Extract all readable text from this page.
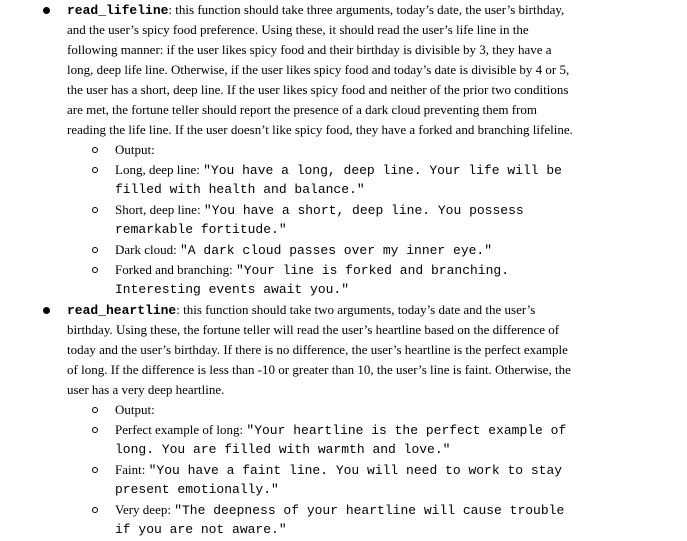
read_lifeline: this function should take three arguments, today’s date, the user’s birthday,
and the user’s spicy food preference. Using these, it should read the user’s life line in the
following manner: if the user likes spicy food and their birthday is divisible by 3, they have a
long, deep life line. Otherwise, if the user likes spicy food and today’s date is divisible by 4 or 5,
the user has a short, deep line. If the user likes spicy food and neither of the prior two conditions
are met, the fortune teller should report the presence of a dark cloud preventing them from
reading the life line. If the user doesn’t like spicy food, they have a forked and branching lifeline.
Output:
Long, deep line: "You have a long, deep line. Your life will be
filled with health and balance."
Short, deep line: "You have a short, deep line. You possess
remarkable fortitude."
Dark cloud: "A dark cloud passes over my inner eye."
Forked and branching: "Your line is forked and branching.
Interesting events await you."
read_heartline: this function should take two arguments, today’s date and the user’s
birthday. Using these, the fortune teller will read the user’s heartline based on the difference of
today and the user’s birthday. If there is no difference, the user’s heartline is the perfect example
of long. If the difference is less than -10 or greater than 10, the user’s line is faint. Otherwise, the
user has a very deep heartline.
Output:
Perfect example of long: "Your heartline is the perfect example of
long. You are filled with warmth and love."
Faint: "You have a faint line. You will need to work to stay
present emotionally."
Very deep: "The deepness of your heartline will cause trouble
if you are not aware."
